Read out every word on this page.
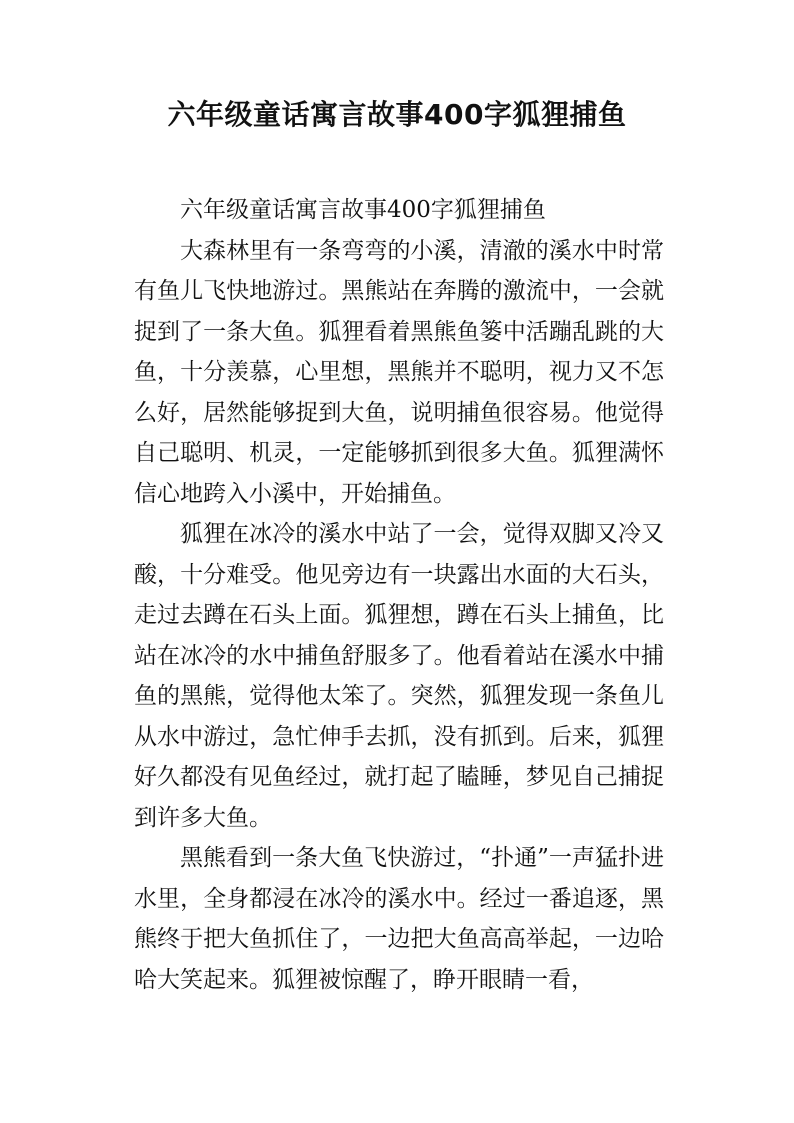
六年级童话寓言故事400字狐狸捕鱼

六年级童话寓言故事400字狐狸捕鱼

大森林里有一条弯弯的小溪，清澈的溪水中时常有鱼儿飞快地游过。黑熊站在奔腾的激流中，一会就捉到了一条大鱼。狐狸看着黑熊鱼篓中活蹦乱跳的大鱼，十分羡慕，心里想，黑熊并不聪明，视力又不怎么好，居然能够捉到大鱼，说明捕鱼很容易。他觉得自己聪明、机灵，一定能够抓到很多大鱼。狐狸满怀信心地跨入小溪中，开始捕鱼。

狐狸在冰冷的溪水中站了一会，觉得双脚又冷又酸，十分难受。他见旁边有一块露出水面的大石头，走过去蹲在石头上面。狐狸想，蹲在石头上捕鱼，比站在冰冷的水中捕鱼舒服多了。他看着站在溪水中捕鱼的黑熊，觉得他太笨了。突然，狐狸发现一条鱼儿从水中游过，急忙伸手去抓，没有抓到。后来，狐狸好久都没有见鱼经过，就打起了瞌睡，梦见自己捕捉到许多大鱼。

黑熊看到一条大鱼飞快游过，“扑通”一声猛扑进水里，全身都浸在冰冷的溪水中。经过一番追逐，黑熊终于把大鱼抓住了，一边把大鱼高高举起，一边哈哈大笑起来。狐狸被惊醒了，睁开眼睛一看，
